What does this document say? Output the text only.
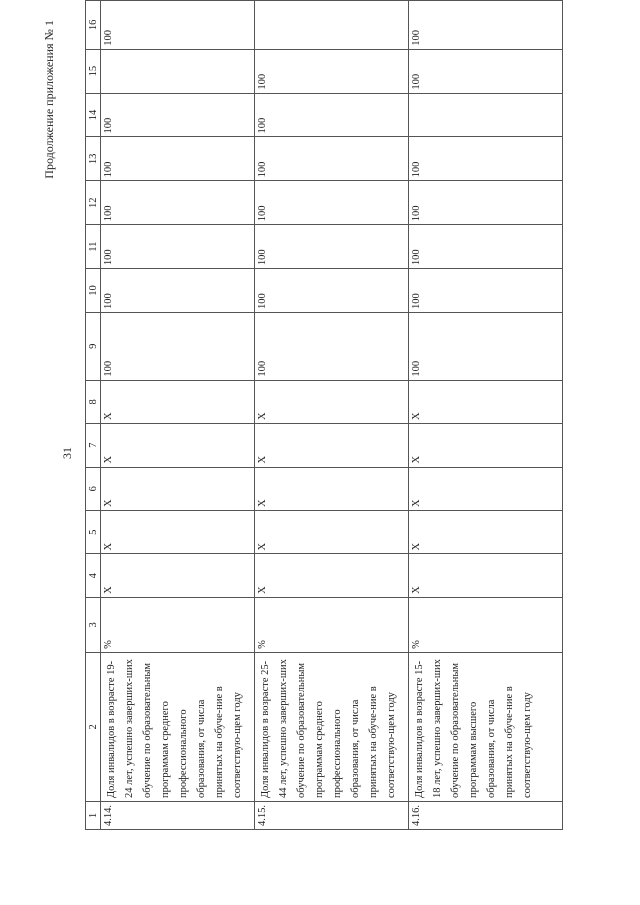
31
Продолжение приложения № 1
1	2	3	4	5	6	7	8	9	10	11	12	13	14	15	16
4.14.	Доля инвалидов в возрасте 19-24 лет, успешно заверших-ших обучение по образовательным программам среднего профессионального образования, от числа принятых на обуче-ние в соответствую-щем году	%	X	X	X	X	X	100	100	100	100	100	100		100
4.15.	Доля инвалидов в возрасте 25-44 лет, успешно заверших-ших обучение по образовательным программам среднего профессионального образования, от числа принятых на обуче-ние в соответствую-щем году	%	X	X	X	X	X	100	100	100	100	100	100	100	
4.16.	Доля инвалидов в возрасте 15-18 лет, успешно заверших-ших обучение по образовательным программам высшего образования, от числа принятых на обуче-ние в соответствую-щем году	%	X	X	X	X	X	100	100	100	100	100		100	100
